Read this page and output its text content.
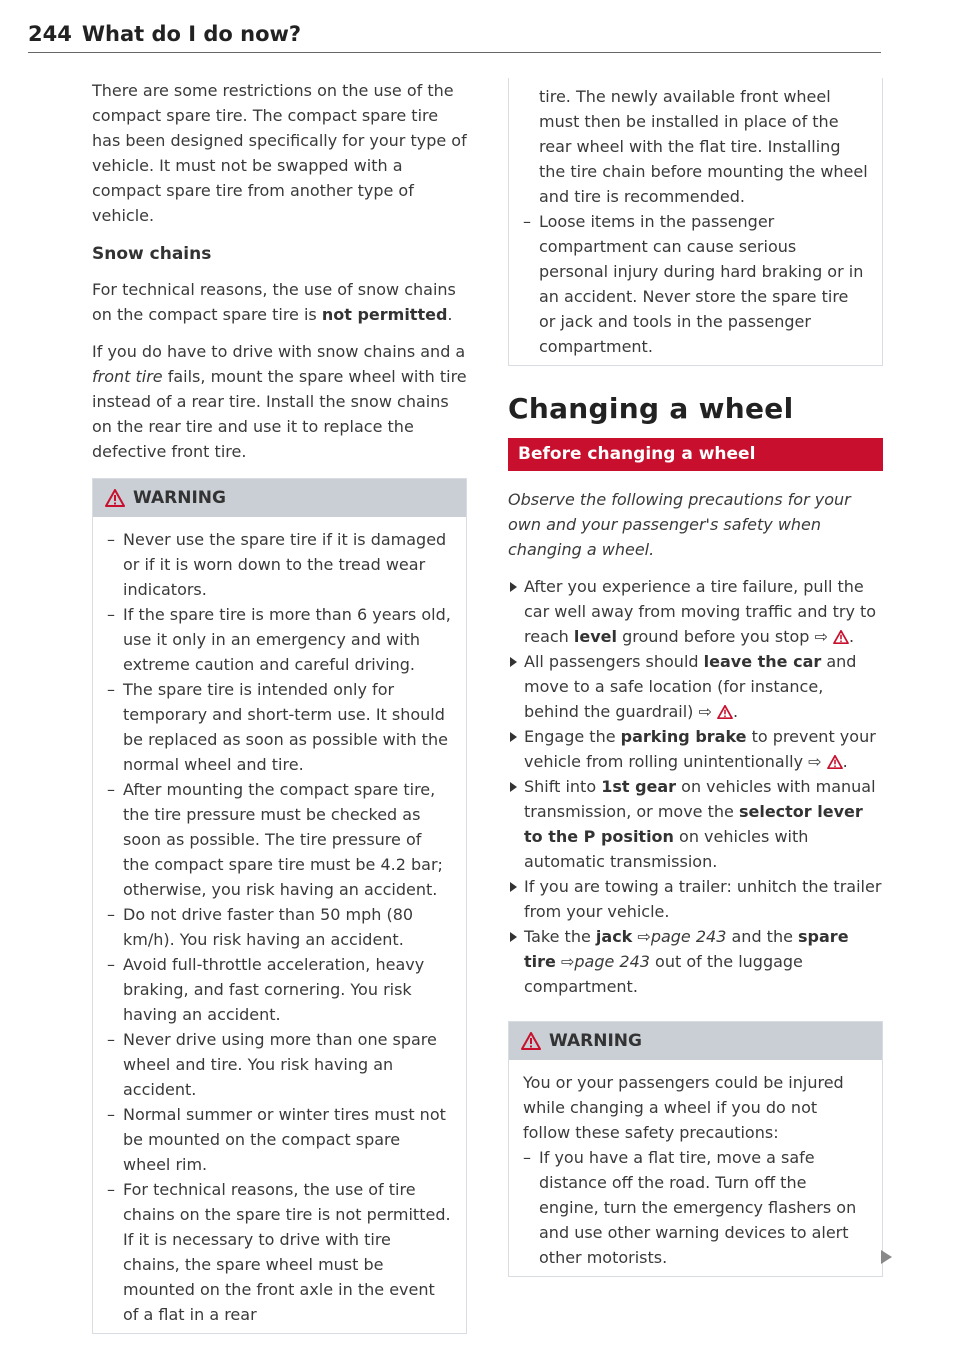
244 What do I do now?

There are some restrictions on the use of the compact spare tire. The compact spare tire has been designed specifically for your type of vehicle. It must not be swapped with a compact spare tire from another type of vehicle.

Snow chains

For technical reasons, the use of snow chains on the compact spare tire is not permitted.

If you do have to drive with snow chains and a front tire fails, mount the spare wheel with tire instead of a rear tire. Install the snow chains on the rear tire and use it to replace the defective front tire.

WARNING
– Never use the spare tire if it is damaged or if it is worn down to the tread wear indicators.
– If the spare tire is more than 6 years old, use it only in an emergency and with extreme caution and careful driving.
– The spare tire is intended only for temporary and short-term use. It should be replaced as soon as possible with the normal wheel and tire.
– After mounting the compact spare tire, the tire pressure must be checked as soon as possible. The tire pressure of the compact spare tire must be 4.2 bar; otherwise, you risk having an accident.
– Do not drive faster than 50 mph (80 km/h). You risk having an accident.
– Avoid full-throttle acceleration, heavy braking, and fast cornering. You risk having an accident.
– Never drive using more than one spare wheel and tire. You risk having an accident.
– Normal summer or winter tires must not be mounted on the compact spare wheel rim.
– For technical reasons, the use of tire chains on the spare tire is not permitted. If it is necessary to drive with tire chains, the spare wheel must be mounted on the front axle in the event of a flat in a rear
tire. The newly available front wheel must then be installed in place of the rear wheel with the flat tire. Installing the tire chain before mounting the wheel and tire is recommended.
– Loose items in the passenger compartment can cause serious personal injury during hard braking or in an accident. Never store the spare tire or jack and tools in the passenger compartment.
Changing a wheel
Before changing a wheel

Observe the following precautions for your own and your passenger's safety when changing a wheel.

After you experience a tire failure, pull the car well away from moving traffic and try to reach level ground before you stop ⇨ .
All passengers should leave the car and move to a safe location (for instance, behind the guardrail) ⇨ .
Engage the parking brake to prevent your vehicle from rolling unintentionally ⇨ .
Shift into 1st gear on vehicles with manual transmission, or move the selector lever to the P position on vehicles with automatic transmission.
If you are towing a trailer: unhitch the trailer from your vehicle.
Take the jack ⇨page 243 and the spare tire ⇨page 243 out of the luggage compartment.
WARNING

You or your passengers could be injured while changing a wheel if you do not follow these safety precautions:

– If you have a flat tire, move a safe distance off the road. Turn off the engine, turn the emergency flashers on and use other warning devices to alert other motorists.
